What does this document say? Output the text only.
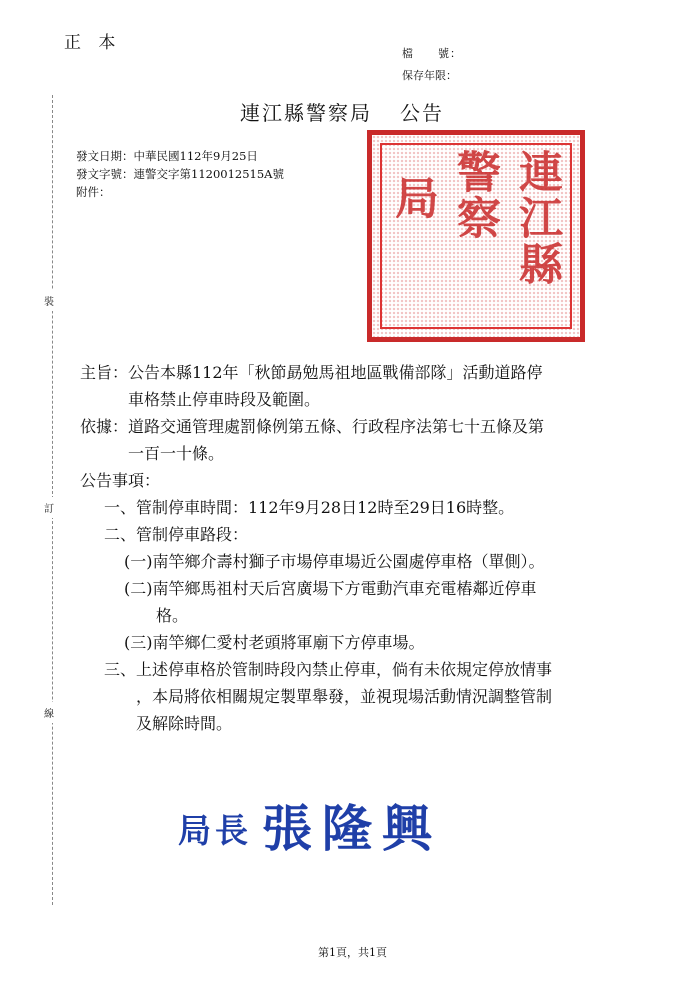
正 本
檔　　號：
保存年限：
連江縣警察局 公告
發文日期：中華民國112年9月25日
發文字號：連警交字第1120012515A號
附件：
裝
訂
線
連江縣
警察
局
主旨：公告本縣112年「秋節勗勉馬祖地區戰備部隊」活動道路停
　　　車格禁止停車時段及範圍。
依據：道路交通管理處罰條例第五條、行政程序法第七十五條及第
　　　一百一十條。
公告事項：
一、管制停車時間：112年9月28日12時至29日16時整。
二、管制停車路段：
(一)南竿鄉介壽村獅子市場停車場近公園處停車格（單側）。
(二)南竿鄉馬祖村天后宮廣場下方電動汽車充電樁鄰近停車
　　格。
(三)南竿鄉仁愛村老頭將軍廟下方停車場。
三、上述停車格於管制時段內禁止停車，倘有未依規定停放情事
　　，本局將依相關規定製單舉發，並視現場活動情況調整管制
　　及解除時間。
局長 張隆興
第1頁，共1頁
